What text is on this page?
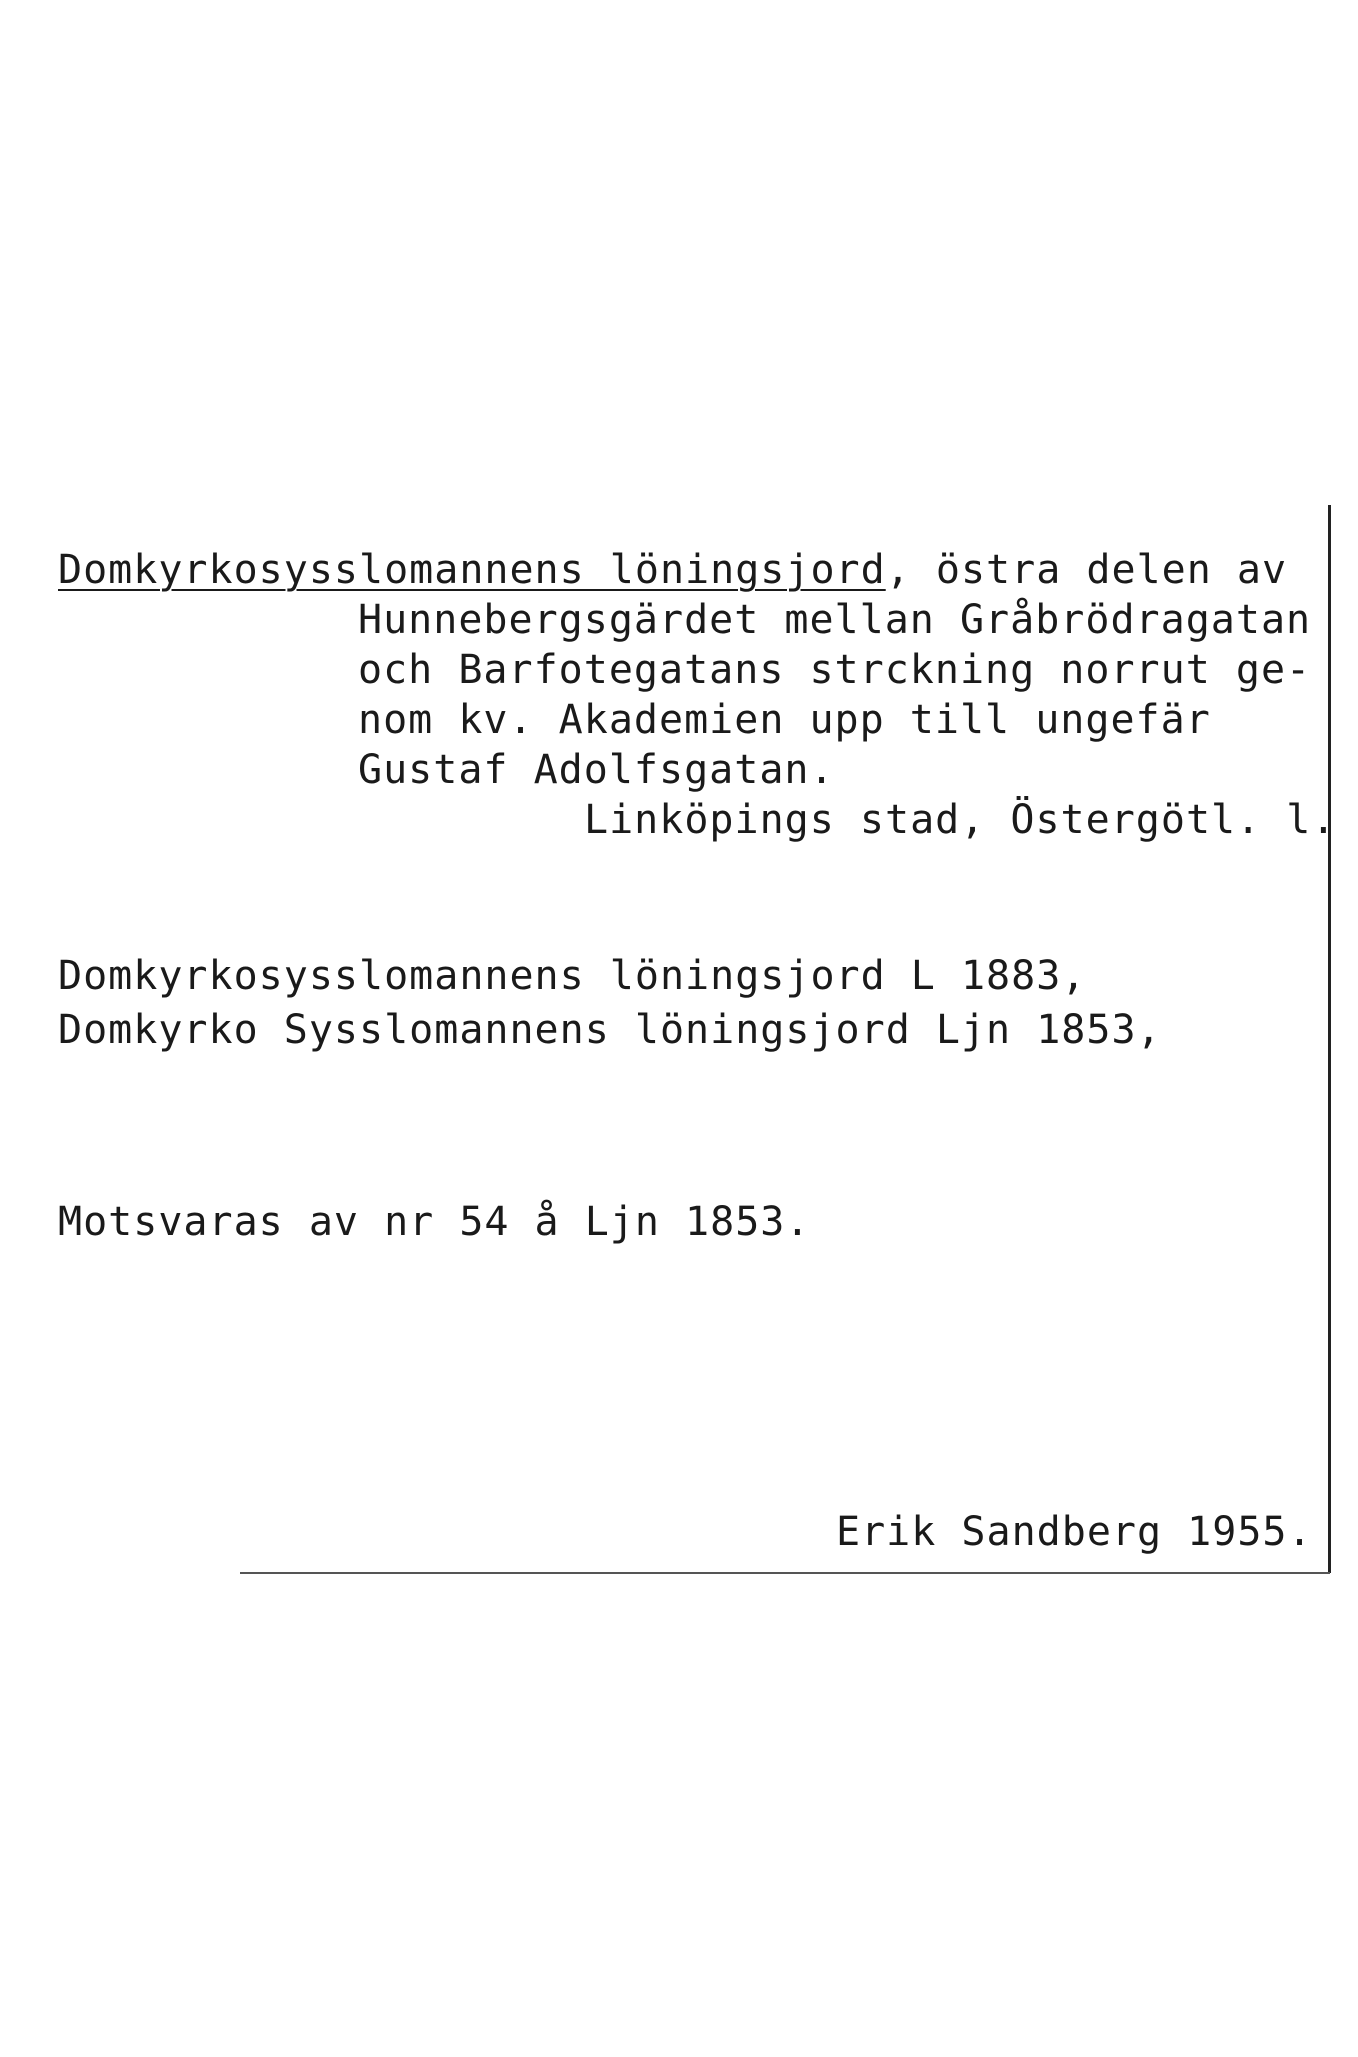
Domkyrkosysslomannens löningsjord, östra delen av
Hunnebergsgärdet mellan Gråbrödragatan
och Barfotegatans strckning norrut ge-
nom kv. Akademien upp till ungefär
Gustaf Adolfsgatan.
Linköpings stad, Östergötl. l.
Domkyrkosysslomannens löningsjord L 1883,
Domkyrko Sysslomannens löningsjord Ljn 1853,
Motsvaras av nr 54 å Ljn 1853.
Erik Sandberg 1955.
